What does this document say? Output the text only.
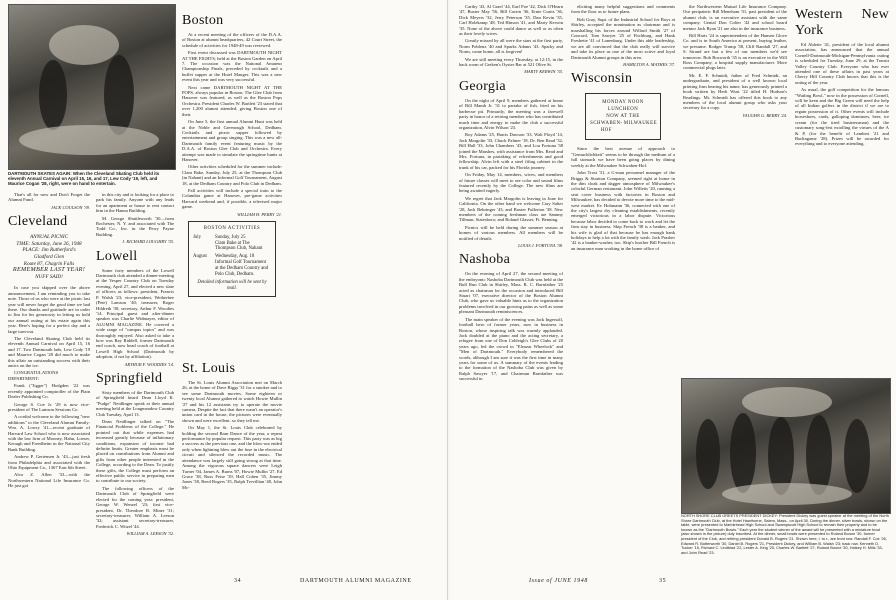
DARTMOUTH SKATES AGAIN: When the Cleveland Skating Club held its eleventh Annual Carnival on April 15, 16, and 17, Lew Cody '19, left, and Maurice Cogan '28, right, were on hand to entertain.

That's all for now and Don't Forget the Alumni Fund.

JACK COULSON '39.
Cleveland
ANNUAL PICNIC
TIME: Saturday, June 26, 1948
PLACE: Jim Rutherford's
Gladford Glen
Route 87, Chagrin Falls
REMEMBER LAST YEAR!
NUFF SAID!

In case you skipped over the above announcement, I am reminding you to take note. Those of us who were at the picnic last year will never forget the good time we had there. Our thanks and gratitude are in order to Jim for his generosity in letting us hold our annual outing at his estate again this year. Here's hoping for a perfect day and a large turn-out.

The Cleveland Skating Club held its eleventh Annual Carnival on April 15, 16 and 17. Two Dartmouth lads, Lew Cody '19 and Maurice Cogan '28 did much to make this affair an outstanding success with their antics on the ice.

CONGRATULATIONS DEPARTMENT:

Frank ("Jigger") Hodgden '22 was recently appointed comptroller of the Plain Dealer Publishing Co.

George S. Coe Jr. '29 is now vice-president of The Lamson Sessions Co.

A cordial welcome to the following "new additions" to the Cleveland Alumni Family: Wm. A. Lowry '41—recent graduate of Harvard Law School who is now associated with the law firm of Mooney, Hahn, Loeser, Keough and Freedheim in the National City Bank Building.

Andrew P. Gertensen Jr. '43—just fresh from Philadelphia and associated with the Ohio Equipment Co., 1367 East 6th Street.

Alva Z. Allen '33—with the Northwestern National Life Insurance Co. He just got

in this city and is looking for a place to park his family. Anyone with any leads for an apartment or house to rent contact him in the Hanna Building.

M. George Shuttleworth '30—from Rochester, N. Y. and associated with The Todd Co., Inc. in the Perry Payne Building.

J. RICHARD LOUGHRY '35.
Lowell

Some forty members of the Lowell Dartmouth club attended a dinner-meeting at the Vesper Country Club on Tuesday evening, April 27, and elected a new slate of officers as follows: president, Francis P. Walsh '23; vice-president, Wetherbee (Pete) Lamson '40; treasurer, Roger Hildreth '30; secretary, Arthur F. Woodies '14. Principal guest and after-dinner speaker was Charlie Widmayer, editor of ALUMNI MAGAZINE. He covered a wide range of "campus topics" and was thoroughly enjoyed. Also asked to take a bow was Ray Riddell, former Dartmouth end coach, now head coach of football at Lowell High School (Dartmouth by adoption, if not by affiliation).

ARTHUR F. WOODIES '14.
Springfield

Sixty members of the Dartmouth Club of Springfield heard Dean Lloyd K. "Pudge" Neidlinger speak at their annual meeting held at the Longmeadow Country Club Tuesday, April 13.

Dean Neidlinger talked on "The Financial Problems of the College." He pointed out that while expenses had increased greatly because of inflationary conditions, expansion of income had definite limits. Greater emphasis must be placed on contributions from Alumni and gifts from other people interested in the College, according to the Dean. To justify these gifts, the College must perform an effective public service in preparing men to contribute to our society.

The following officers of the Dartmouth Club of Springfield were elected for the coming year: president, George W. Wenzel '23; first vice-president, Dr. Theodore R. Miner '31; secretary-treasurer, William A. Leeson '32; assistant secretary-treasurer, Frederick C. Witzel '44.

WILLIAM A. LEESON '32.
Boston

At a recent meeting of the officers of the D.A.A. of Boston at alumni headquarters, 42 Court Street, the schedule of activities for 1948-49 was reviewed.

First event discussed was DARTMOUTH NIGHT AT THE FIGHTS, held at the Boston Garden on April 7. The occasion was the National Amateur Championship Finals, preceded by cocktails and a buffet supper at the Hotel Manger. This was a new event this year and was very successful.

Next came DARTMOUTH NIGHT AT THE POPS, always popular in Boston. The Glee Club from Hanover was featured, as well as the Boston Pops Orchestra. President Charles W. Bartlett '23 stated that over 1,200 alumni attended, giving Boston one of their.

On June 5, the first annual Alumni Hunt was held at the Noble and Greenough School, Dedham. Cocktails and picnic supper followed by entertainment and group singing. This was a new all-Dartmouth family event featuring music by the D.A.A. of Boston Glee Club and Orchestra. Every attempt was made to simulate the springtime hunts at Hanover.

Other activities scheduled for the summer include: Clam Bake, Sunday, July 25, at the Thompson Club (in Nahant) and an Informal Golf Tournament, August 18, at the Dedham Country and Polo Club in Dedham.

Fall activities will include a special train to the Columbia game at Hanover, pre-game activities Harvard weekend and, if possible, a televised major game.

WILLIAM H. PERRY '21.
BOSTON ACTIVITIES
July	Sunday, July 25
Clam Bake at The
Thompson Club, Nahant
August	Wednesday, Aug. 18
Informal Golf Tournament
at the Dedham Country and
Polo Club, Dedham.
Detailed information will be sent by mail.
St. Louis

The St. Louis Alumni Association met on March 26, at the home of Dave Biggs '31 for a smoker and to see some Dartmouth movies. Some eighteen or twenty local Alumni gathered to watch Howie Mullin '27 and his 12 assistants try to operate the movie camera. Despite the fact that there wasn't an operator's union card in the house, the pictures were eventually shown and were excellent, so they tell me.

On May 1, the St. Louis Club celebrated by holding the second Barn Dance of the year, a repeat performance by popular request. This party was as big a success as the previous one, and the blow-out ended only when lightning blew out the fuse in the electrical circuit and silenced the recorded music. The attendance was largely still going strong at that time. Among the vigorous square dancers were Leigh Turner '04, James A. Burns '07, Howie Mullin '27, Ed Grace '38, Russ Feise '39, Hall Cohen '35, Jimmy Jones '38, Reed Rogers '35, Ralph Trevillian '48, John Mc-

34	DARTMOUTH ALUMNI MAGAZINE

Carthy '43, Al Graef '44, Earl Poe '42, Dick O'Hearn '47, Buster May '56, Bill Currin '36, Ernie Curtis '36, Dick Meyers '32, Jerry Peterson '35, Dan Kevin '35, Carl Holekamp '48, Ted Hinson '41, and Marty Kerwin '35. None of the above could dance as well or as often as their lovely wives.

Greatly missed by all were the stars at the first party, Norm Poblenz '40 and Sparks Adams '43. Sparky and Norm, come home, all is forgiven!

We are still meeting every Thursday, at 12:15, in the back room of Gerken's Oyster Bar at 521 Olive St.

MARTY KERWIN '35.
Georgia

On the night of April 9, members gathered at home of Bill Mamh Jr. '31 to partake of fish, fried on his barbecue pit. Primarily, the meeting was a farewell party in honor of a retiring member who has contributed much time and energy to make the club a successful organization, Alvin Wilson '23.

Roy Adams '25, Harris Dawson '33, Walt Floyd '14, Jack Margolin '33, Chuck Palmer '18, Dr. Ben Read '32, Bill Hall '33, John Chambers '43, and Lou Fortuna '38 joined the Marshes, with assistance from Mrs. Read and Mrs. Fortuna, in partaking of refreshments and good fellowship. Alvin left with a steel fifing cabinet in the trunk of his car, packed for his Florida journey.

On Friday, May 14, members, wives, and members of future classes will meet to see color and sound films featured recently by the College. The new films are being awaited eagerly.

We regret that Jack Margolin is leaving in June for California. On the other hand we welcome Cary Salter '28, Jack Bebringer '43, and Baxter Fullerton '38. New members of the coming freshman class are Sammy Tillman, Statesboro; and Roland Glasser, Ft. Benning.

Picnics will be held during the summer season at homes of various members. All members will be notified of details.

LOUIS J. FORTUNA '38.
Nashoba

On the evening of April 27, the second meeting of the embryonic Nashoba Dartmouth Club was held at the Bull Run Club in Shirley, Mass. R. C. Barnfather '25 acted as chairman for the occasion and introduced Bill Stuart '07, executive director of the Boston Alumni Club, who gave us valuable hints as to the organization problems involved in our growing pains as well as some pleasant Dartmouth reminiscences.

The main speaker of the evening was Jack Ingersoll, football hero of former years, now in business in Boston, whose inspiring talk was warmly applauded. Jack doubled at the piano and the acting secretary, a refugee from one of Don Cobleigh's Glee Clubs of 20 years ago, led the crowd in "Eleazar Wheelock" and "Men of Dartmouth." Everybody remembered the words, although I am sure it was the first time in many years for some of us. A summary of the events leading to the formation of the Nashoba Club was given by Ralph Sawyer '17, and Chairman Barnfather was successful in

eliciting many helpful suggestions and comments from the floor as to future plans.

Bob Gray, Supt. of the Industrial School for Boys at Shirley, accepted the nomination as chairman and is marshalling his forces around Willard Smith '27 of Concord, Tom Sawyer '25 of Fitchburg, and Hank Freshette '41 of Lunenburg. Under this able leadership, we are all convinced that the club really will survive and take its place as one of the most active and loyal Dartmouth Alumni groups in this area.

HAMILTON A. MATHES '37.
Wisconsin
MONDAY NOON LUNCHEON
NOW AT THE
SCHWABEN-HOF
MILWAUKEE

Since the best avenue of approach to "Gemuchlichkeit" seems to be through the medium of a full stomach we have been going places by dining weekly at the Milwaukee Schwaben-Hof.

John Trost '31, a G-man personnel manager of the Briggs & Stratton Company, seemed right at home in the dim cloak and dagger atmosphere of Milwaukee's colorful German restaurant. John Willetts '20, running a seat cover business with factories in Boston and Milwaukee, has decided to devote more time to the mid-west market. Ev Hohmann '36, connected with one of the city's largest dry cleaning establishments, recently emerged victorious in a labor dispute. Victorious because labor decided to come back to work and let the firm stay in business. Skip French '38 is a banker, and his wife is glad of that because he has enough bank holidays to help a lot with the family wash. Jack Prasher '42 is a banker-washer, too. Skip's brother Bill French is an insurance man working in the home office of

the Northwestern Mutual Life Insurance Company. Our peripatetic Bill Meneham '31, past president of the alumni club, is an executive assistant with the same company. Genial Don Colter '42 and school board mentor Jack Ryan '21 are also in the insurance business.

Bill Haris '24 is superintendent of the Hansen Glove Co. and is in South America at present, buying leather, we presume. Rodger Trump '38, Cliff Randall '27, and S. Strand are but a few of our members we'd see tomorrow. Bob Bosworth '35 is an executive in the Will Ross Company, a hospital supply manufacturer. More commercial plugs later.

Mr. E. F. Schmidt, father of Fred Schmidt, an undergraduate, and president of a well known local printing firm bearing his name, has generously printed a book written by Herb Wust '22 titled H. Hudson's Readings. Mr. Schmidt has offered this book to any members of the local alumni group who asks your secretary for a copy.

VAUGHN G. BERRY '24.
Western New York

Ed Ablette '41, president of the local alumni association, has announced that the annual Cornell-Dartmouth-Michigan-Pennsylvania outing is scheduled for Tuesday, June 29, at the Transit Valley Country Club. Everyone who has ever attended one of these affairs in past years at Cherry Hill Country Club knows that this is the outing of the year.

As usual, the golf competition for the famous "Wailing Bowl," now in the possession of Cornell, will be keen and the Big Green will need the help of all Indian golfers in the district if we are to regain possession of it. Other events will include horseshoes, cards, galloping dominoes, beer, ice cream (for the tired businessman) and the customary song-fest extolling the virtues of the A & P, (for the benefit of Lambert '21 and Burlingame '28). Prizes will be awarded for everything and to everyone attending.

NORTH SHORE CLUB GREETS PRESIDENT DICKEY: President Dickey was guest speaker at the meeting of the North Shore Dartmouth Club, at the Hotel Hawthorne, Salem, Mass., on April 30. During the dinner, silver bowls, shown on the table, were presented to Marblehead High School and Swampscott High School to remain their property and to be known as the "Dartmouth Bowls." Each year the student winner of the award will be presented with a miniature bowl (also shown in the picture) duly inscribed. At the dinner, small bowls were presented to Roland Boone '30, former president of the Club, and retiring president Donald B. Rogers '21. Shown here, l. to r., are front row: Randall F. Cox '26, Edward R. Butterworth '30, Daniel B. Rogers '21, President Dickey, and William B. Walsh '23; back row, Kenneth D. Tucker '15, Richard C. Lindblad '22, Lester A. King '25, Charles W. Bartlett '27, Roland Boone '30, Halsey H. Mills '33, and John Read '23.
Issue of JUNE 1948	35
